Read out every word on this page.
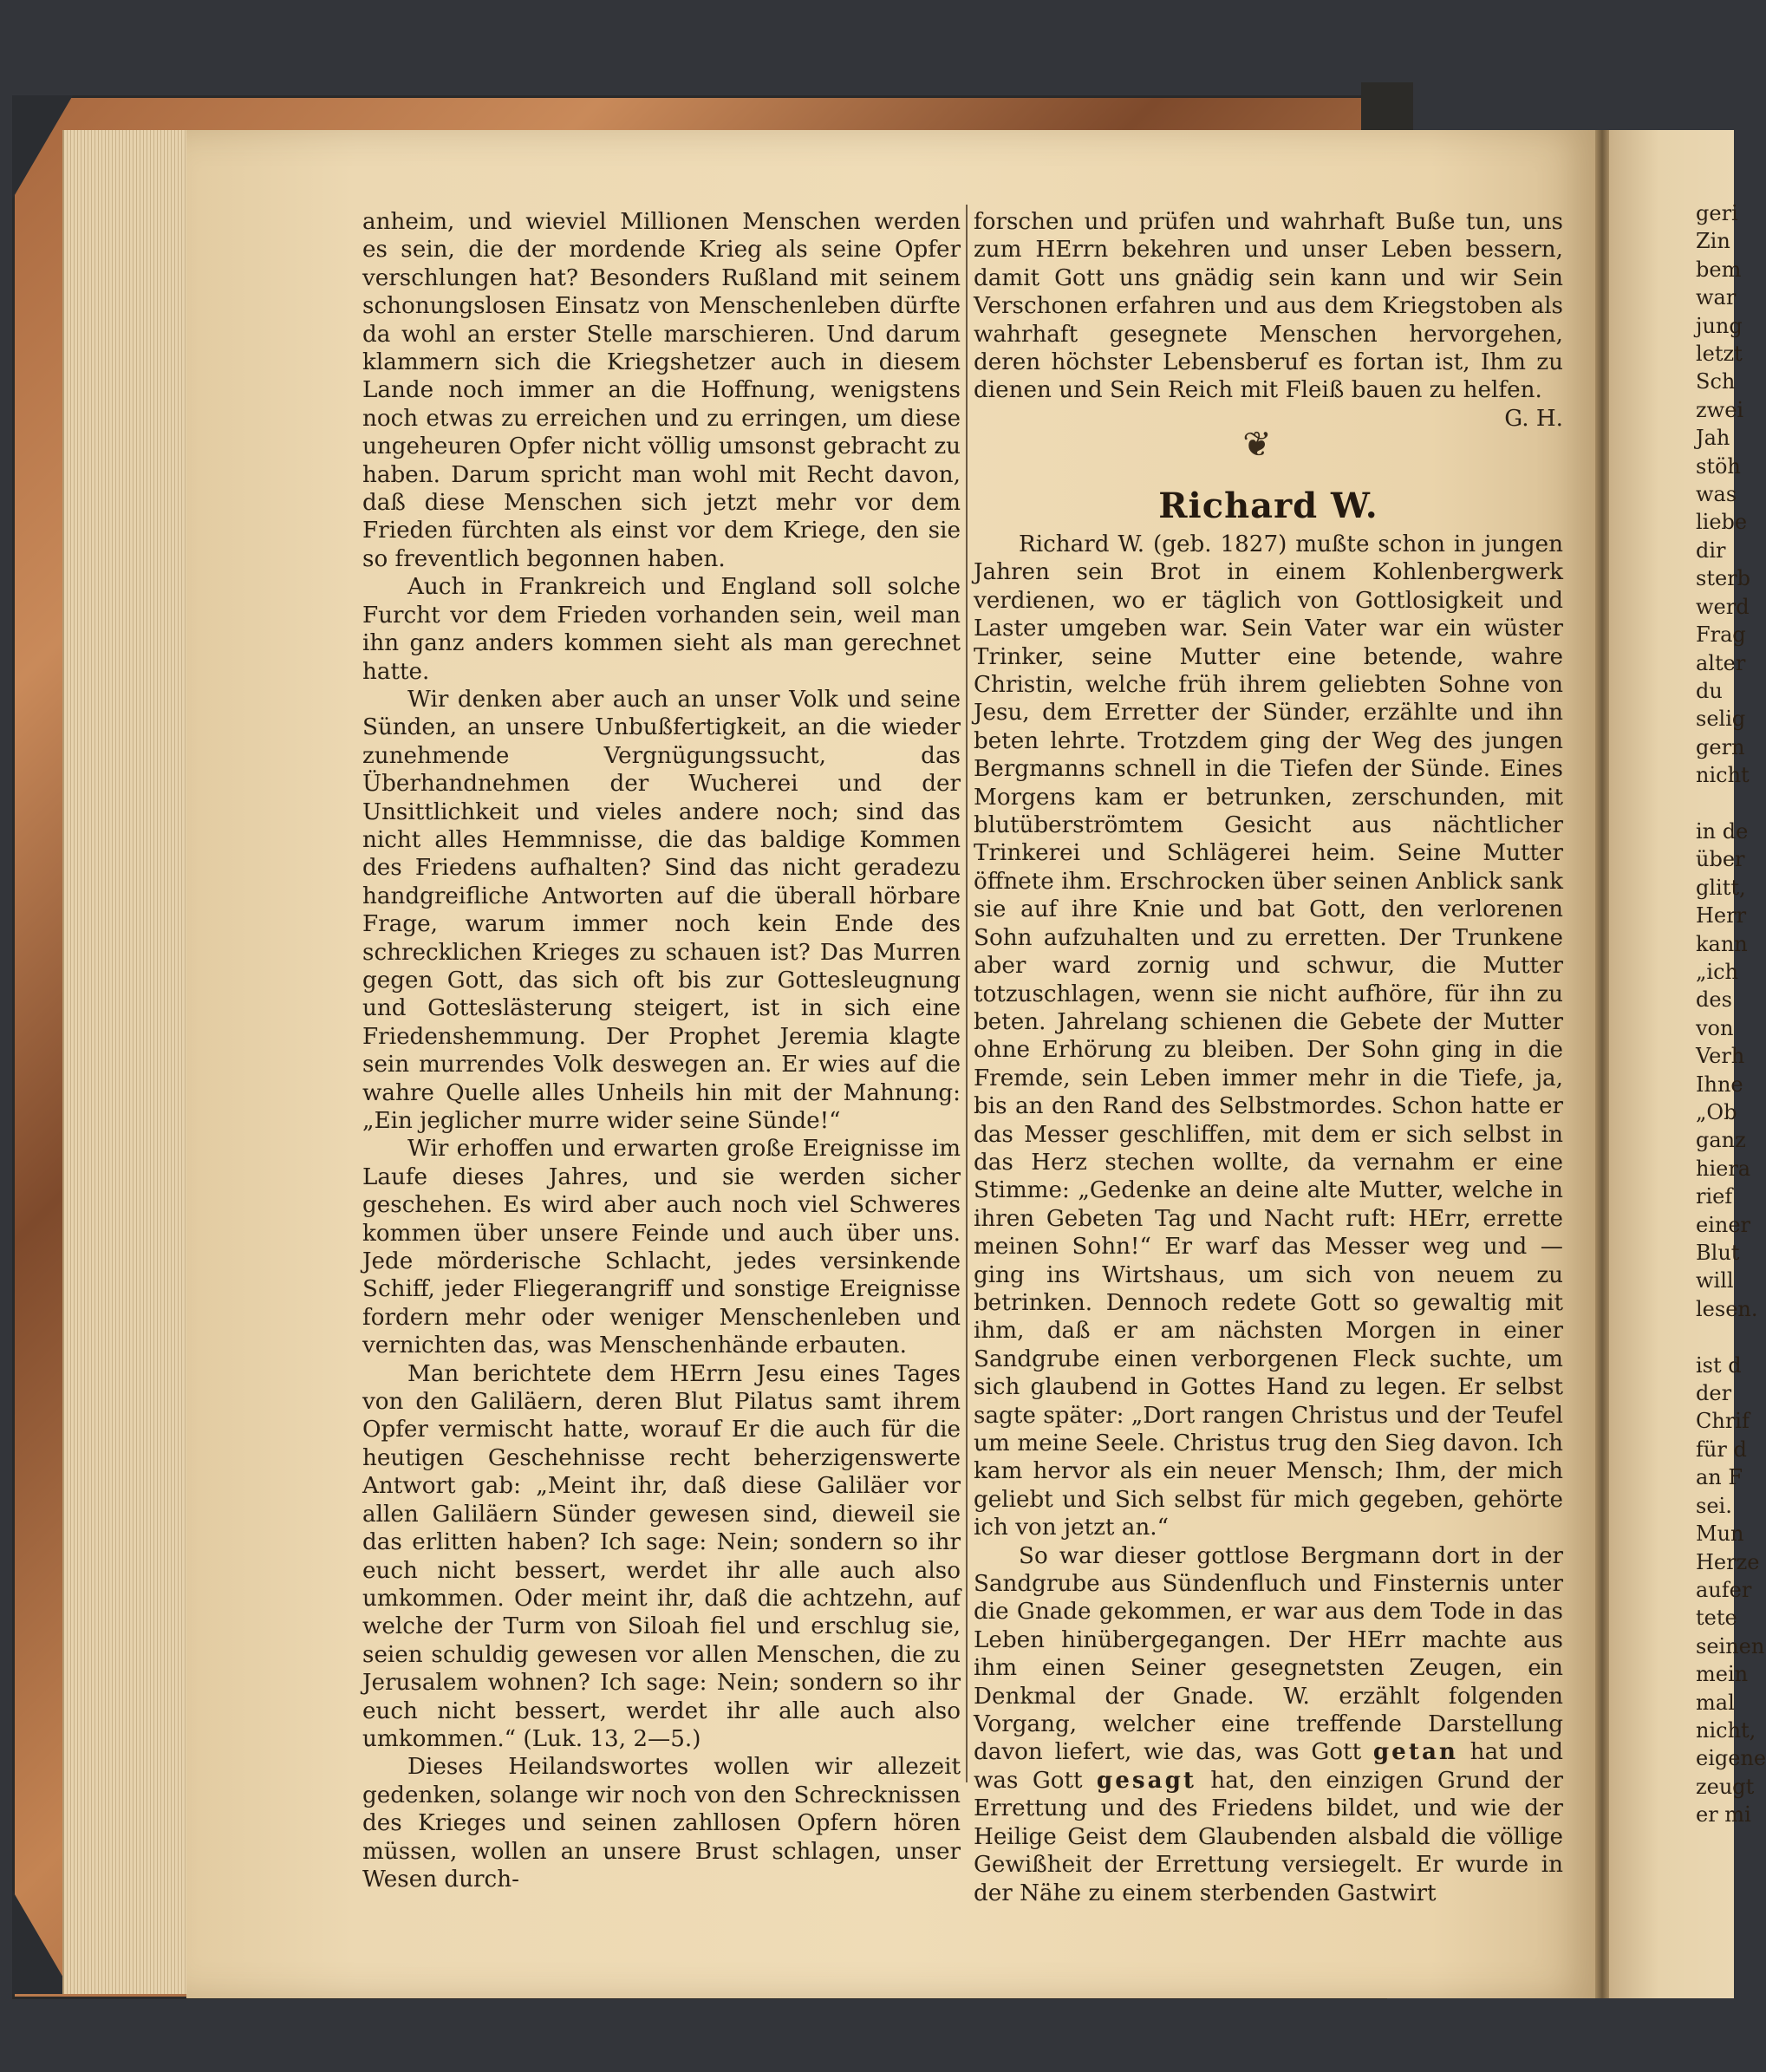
anheim, und wieviel Millionen Menschen werden es sein, die der mordende Krieg als seine Opfer verschlungen hat? Besonders Rußland mit seinem schonungslosen Einsatz von Menschenleben dürfte da wohl an erster Stelle marschieren. Und darum klammern sich die Kriegshetzer auch in diesem Lande noch immer an die Hoffnung, wenigstens noch etwas zu erreichen und zu erringen, um diese ungeheuren Opfer nicht völlig umsonst gebracht zu haben. Darum spricht man wohl mit Recht davon, daß diese Menschen sich jetzt mehr vor dem Frieden fürchten als einst vor dem Kriege, den sie so freventlich begonnen haben.

Auch in Frankreich und England soll solche Furcht vor dem Frieden vorhanden sein, weil man ihn ganz anders kommen sieht als man gerechnet hatte.

Wir denken aber auch an unser Volk und seine Sünden, an unsere Unbußfertigkeit, an die wieder zunehmende Vergnügungssucht, das Überhandnehmen der Wucherei und der Unsittlichkeit und vieles andere noch; sind das nicht alles Hemmnisse, die das baldige Kommen des Friedens aufhalten? Sind das nicht geradezu handgreifliche Antworten auf die überall hörbare Frage, warum immer noch kein Ende des schrecklichen Krieges zu schauen ist? Das Murren gegen Gott, das sich oft bis zur Gottesleugnung und Gotteslästerung steigert, ist in sich eine Friedenshemmung. Der Prophet Jeremia klagte sein murrendes Volk deswegen an. Er wies auf die wahre Quelle alles Unheils hin mit der Mahnung: „Ein jeglicher murre wider seine Sünde!“

Wir erhoffen und erwarten große Ereignisse im Laufe dieses Jahres, und sie werden sicher geschehen. Es wird aber auch noch viel Schweres kommen über unsere Feinde und auch über uns. Jede mörderische Schlacht, jedes versinkende Schiff, jeder Fliegerangriff und sonstige Ereignisse fordern mehr oder weniger Menschenleben und vernichten das, was Menschenhände erbauten.

Man berichtete dem HErrn Jesu eines Tages von den Galiläern, deren Blut Pilatus samt ihrem Opfer vermischt hatte, worauf Er die auch für die heutigen Geschehnisse recht beherzigenswerte Antwort gab: „Meint ihr, daß diese Galiläer vor allen Galiläern Sünder gewesen sind, dieweil sie das erlitten haben? Ich sage: Nein; sondern so ihr euch nicht bessert, werdet ihr alle auch also umkommen. Oder meint ihr, daß die achtzehn, auf welche der Turm von Siloah fiel und erschlug sie, seien schuldig gewesen vor allen Menschen, die zu Jerusalem wohnen? Ich sage: Nein; sondern so ihr euch nicht bessert, werdet ihr alle auch also umkommen.“ (Luk. 13, 2—5.)

Dieses Heilandswortes wollen wir allezeit gedenken, solange wir noch von den Schrecknissen des Krieges und seinen zahllosen Opfern hören müssen, wollen an unsere Brust schlagen, unser Wesen durch-

forschen und prüfen und wahrhaft Buße tun, uns zum HErrn bekehren und unser Leben bessern, damit Gott uns gnädig sein kann und wir Sein Verschonen erfahren und aus dem Kriegstoben als wahrhaft gesegnete Menschen hervorgehen, deren höchster Lebensberuf es fortan ist, Ihm zu dienen und Sein Reich mit Fleiß bauen zu helfen.
G. H.

❦
Richard W.

Richard W. (geb. 1827) mußte schon in jungen Jahren sein Brot in einem Kohlenbergwerk verdienen, wo er täglich von Gottlosigkeit und Laster umgeben war. Sein Vater war ein wüster Trinker, seine Mutter eine betende, wahre Christin, welche früh ihrem geliebten Sohne von Jesu, dem Erretter der Sünder, erzählte und ihn beten lehrte. Trotzdem ging der Weg des jungen Bergmanns schnell in die Tiefen der Sünde. Eines Morgens kam er betrunken, zerschunden, mit blutüberströmtem Gesicht aus nächtlicher Trinkerei und Schlägerei heim. Seine Mutter öffnete ihm. Erschrocken über seinen Anblick sank sie auf ihre Knie und bat Gott, den verlorenen Sohn aufzuhalten und zu erretten. Der Trunkene aber ward zornig und schwur, die Mutter totzuschlagen, wenn sie nicht aufhöre, für ihn zu beten. Jahrelang schienen die Gebete der Mutter ohne Erhörung zu bleiben. Der Sohn ging in die Fremde, sein Leben immer mehr in die Tiefe, ja, bis an den Rand des Selbstmordes. Schon hatte er das Messer geschliffen, mit dem er sich selbst in das Herz stechen wollte, da vernahm er eine Stimme: „Gedenke an deine alte Mutter, welche in ihren Gebeten Tag und Nacht ruft: HErr, errette meinen Sohn!“ Er warf das Messer weg und — ging ins Wirtshaus, um sich von neuem zu betrinken. Dennoch redete Gott so gewaltig mit ihm, daß er am nächsten Morgen in einer Sandgrube einen verborgenen Fleck suchte, um sich glaubend in Gottes Hand zu legen. Er selbst sagte später: „Dort rangen Christus und der Teufel um meine Seele. Christus trug den Sieg davon. Ich kam hervor als ein neuer Mensch; Ihm, der mich geliebt und Sich selbst für mich gegeben, gehörte ich von jetzt an.“

So war dieser gottlose Bergmann dort in der Sandgrube aus Sündenfluch und Finsternis unter die Gnade gekommen, er war aus dem Tode in das Leben hinübergegangen. Der HErr machte aus ihm einen Seiner gesegnetsten Zeugen, ein Denkmal der Gnade. W. erzählt folgenden Vorgang, welcher eine treffende Darstellung davon liefert, wie das, was Gott getan hat und was Gott gesagt hat, den einzigen Grund der Errettung und des Friedens bildet, und wie der Heilige Geist dem Glaubenden alsbald die völlige Gewißheit der Errettung versiegelt. Er wurde in der Nähe zu einem sterbenden Gastwirt

geri

Zin

bem

war

jung

letzt

Sch

zwei

Jah

stöh

was

liebe

dir

sterb

werd

Frag

alter

du

selig

gern

nicht

in de

über

glitt,

Herr

kann

„ich

des

von

Verh

Ihne

„Ob

ganz

hiera

rief

einer

Blut

will

lesen.

ist d

der

Chrif

für d

an F

sei.

Mun

Herze

aufer

tete

seinen

mein

mal

nicht,

eigene

zeugt

er mi
